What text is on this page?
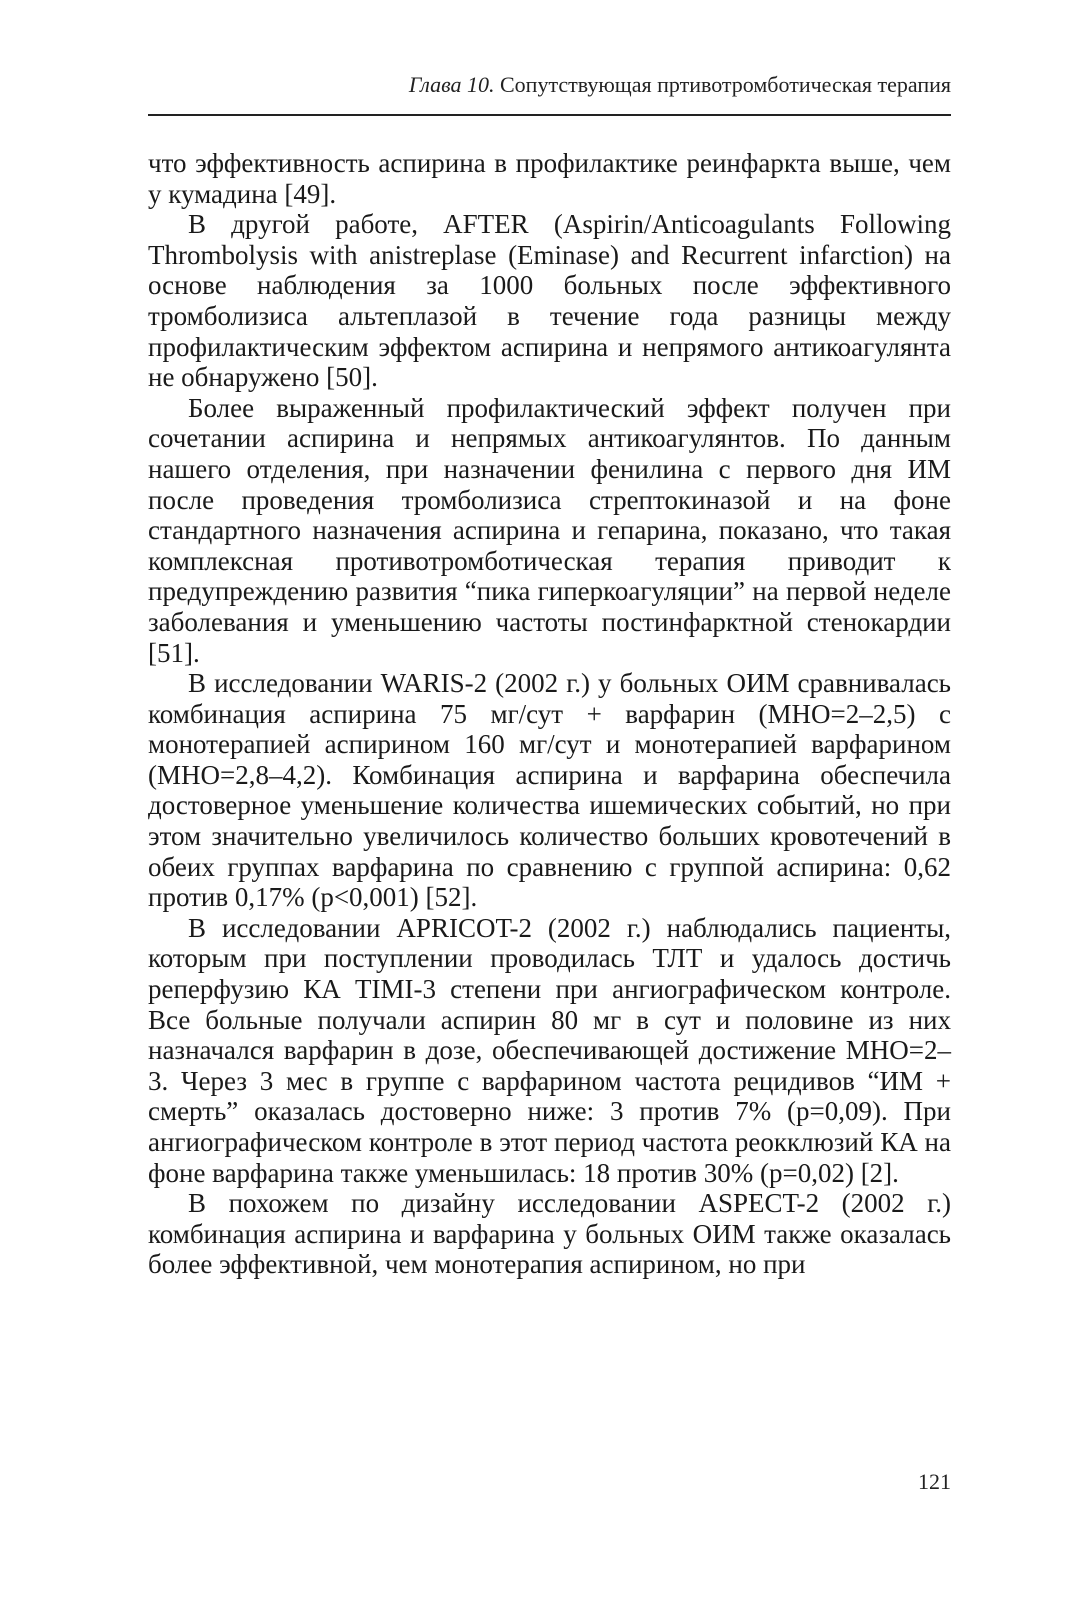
Глава 10. Сопутствующая пртивотромботическая терапия

что эффективность аспирина в профилактике реинфаркта выше, чем у кумадина [49].

В другой работе, AFTER (Aspirin/Anticoagulants Following Thrombolysis with anistreplase (Eminase) and Recurrent infarction) на основе наблюдения за 1000 больных после эффективного тромболизиса альтеплазой в течение года разницы между профилактическим эффектом аспирина и непрямого антикоагулянта не обнаружено [50].

Более выраженный профилактический эффект получен при сочетании аспирина и непрямых антикоагулянтов. По данным нашего отделения, при назначении фенилина с первого дня ИМ после проведения тромболизиса стрептокиназой и на фоне стандартного назначения аспирина и гепарина, показано, что такая комплексная противотромботическая терапия приводит к предупреждению развития “пика гиперкоагуляции” на первой неделе заболевания и уменьшению частоты постинфарктной стенокардии [51].

В исследовании WARIS-2 (2002 г.) у больных ОИМ сравнивалась комбинация аспирина 75 мг/сут + варфарин (МНО=2–2,5) с монотерапией аспирином 160 мг/сут и монотерапией варфарином (МНО=2,8–4,2). Комбинация аспирина и варфарина обеспечила достоверное уменьшение количества ишемических событий, но при этом значительно увеличилось количество больших кровотечений в обеих группах варфарина по сравнению с группой аспирина: 0,62 против 0,17% (р<0,001) [52].

В исследовании APRICOT-2 (2002 г.) наблюдались пациенты, которым при поступлении проводилась ТЛТ и удалось достичь реперфузию КА TIMI-3 степени при ангиографическом контроле. Все больные получали аспирин 80 мг в сут и половине из них назначался варфарин в дозе, обеспечивающей достижение МНО=2–3. Через 3 мес в группе с варфарином частота рецидивов “ИМ + смерть” оказалась достоверно ниже: 3 против 7% (р=0,09). При ангиографическом контроле в этот период частота реокклюзий КА на фоне варфарина также уменьшилась: 18 против 30% (р=0,02) [2].

В похожем по дизайну исследовании ASPECT-2 (2002 г.) комбинация аспирина и варфарина у больных ОИМ также оказалась более эффективной, чем монотерапия аспирином, но при

121
